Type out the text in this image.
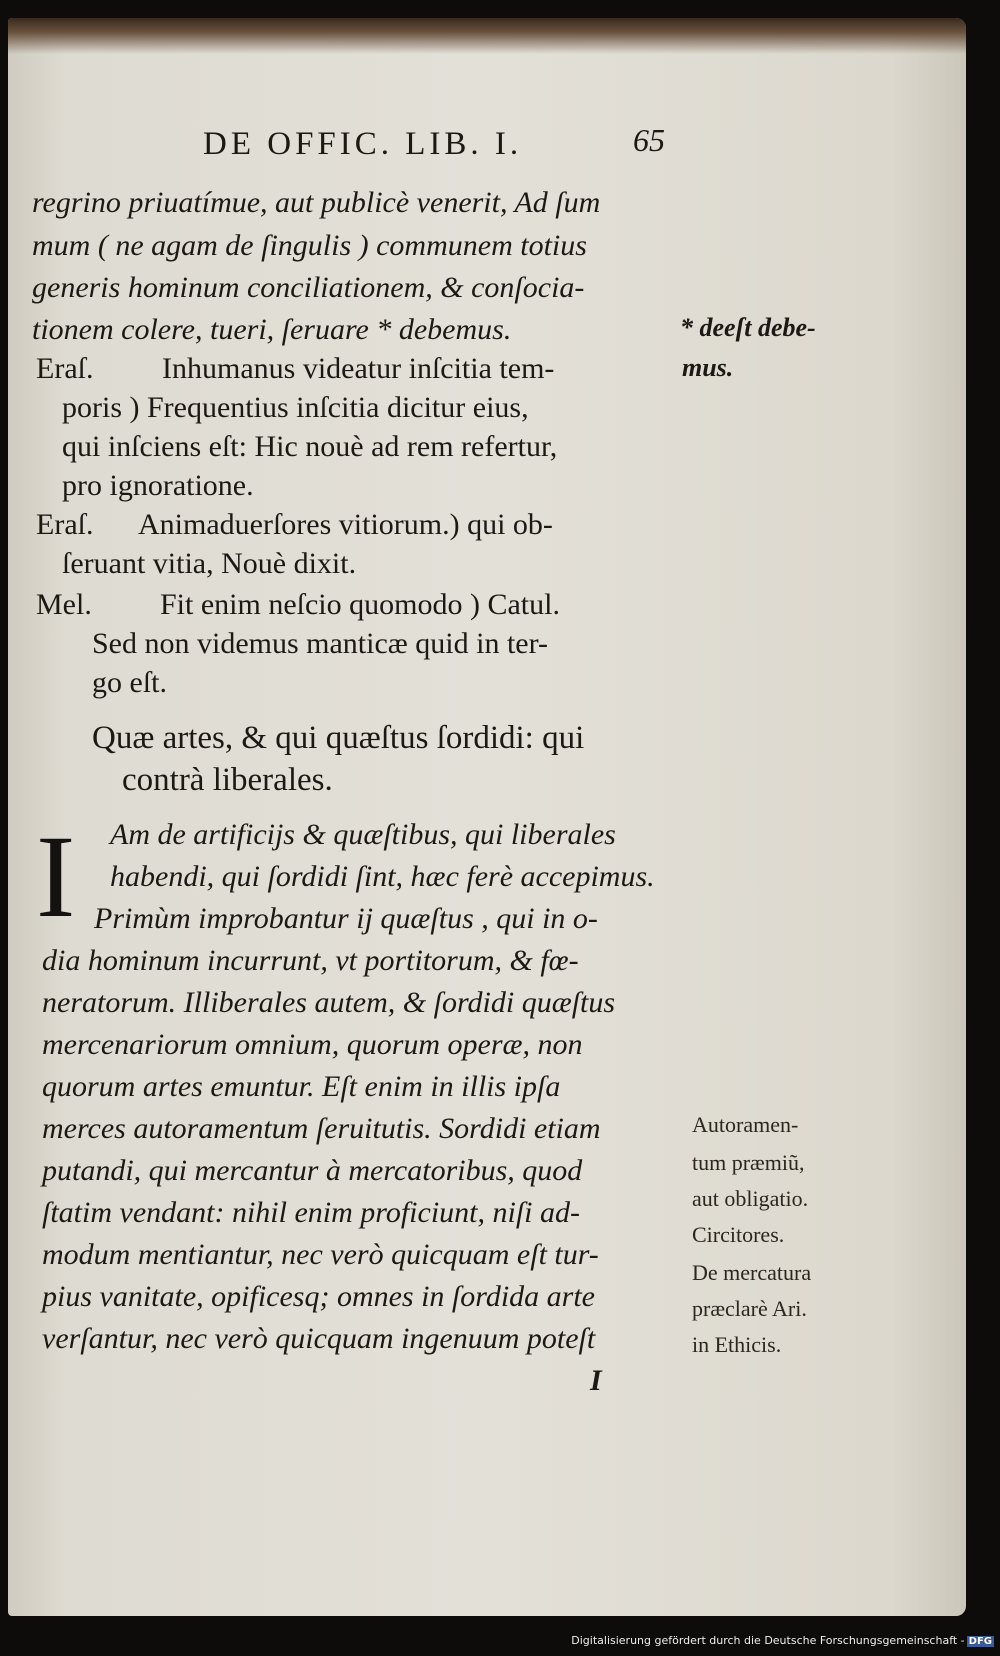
DE OFFIC. LIB. I.	65
regrino priuatímue, aut publicè venerit, Ad ſum
mum ( ne agam de ſingulis ) communem totius
generis hominum conciliationem, & conſocia-
tionem colere, tueri, ſeruare * debemus.	* deeſt debe-
mus.
Eraſ. Inhumanus videatur inſcitia tem-
poris ) Frequentius inſcitia dicitur eius,
qui inſciens eſt: Hic nouè ad rem refertur,
pro ignoratione.
Eraſ. Animaduerſores vitiorum.) qui ob-
ſeruant vitia, Nouè dixit.
Mel. Fit enim neſcio quomodo ) Catul.
Sed non videmus manticæ quid in ter-
go eſt.
Quæ artes, & qui quæſtus ſordidi: qui
contrà liberales.
I Am de artificijs & quæſtibus, qui liberales
habendi, qui ſordidi ſint, hæc ferè accepimus.
Primùm improbantur ij quæſtus , qui in o-
dia hominum incurrunt, vt portitorum, & fœ-
neratorum. Illiberales autem, & ſordidi quæſtus
mercenariorum omnium, quorum operæ, non
quorum artes emuntur. Eſt enim in illis ipſa
merces autoramentum ſeruitutis. Sordidi etiam
putandi, qui mercantur à mercatoribus, quod
ſtatim vendant: nihil enim proficiunt, niſi ad-
modum mentiantur, nec verò quicquam eſt tur-
pius vanitate, opificesq; omnes in ſordida arte
verſantur, nec verò quicquam ingenuum poteſt
Autoramen-
tum præmiũ,
aut obligatio.
Circitores.
De mercatura
præclarè Ari.
in Ethicis.
I
Digitalisierung gefördert durch die Deutsche Forschungsgemeinschaft - DFG
